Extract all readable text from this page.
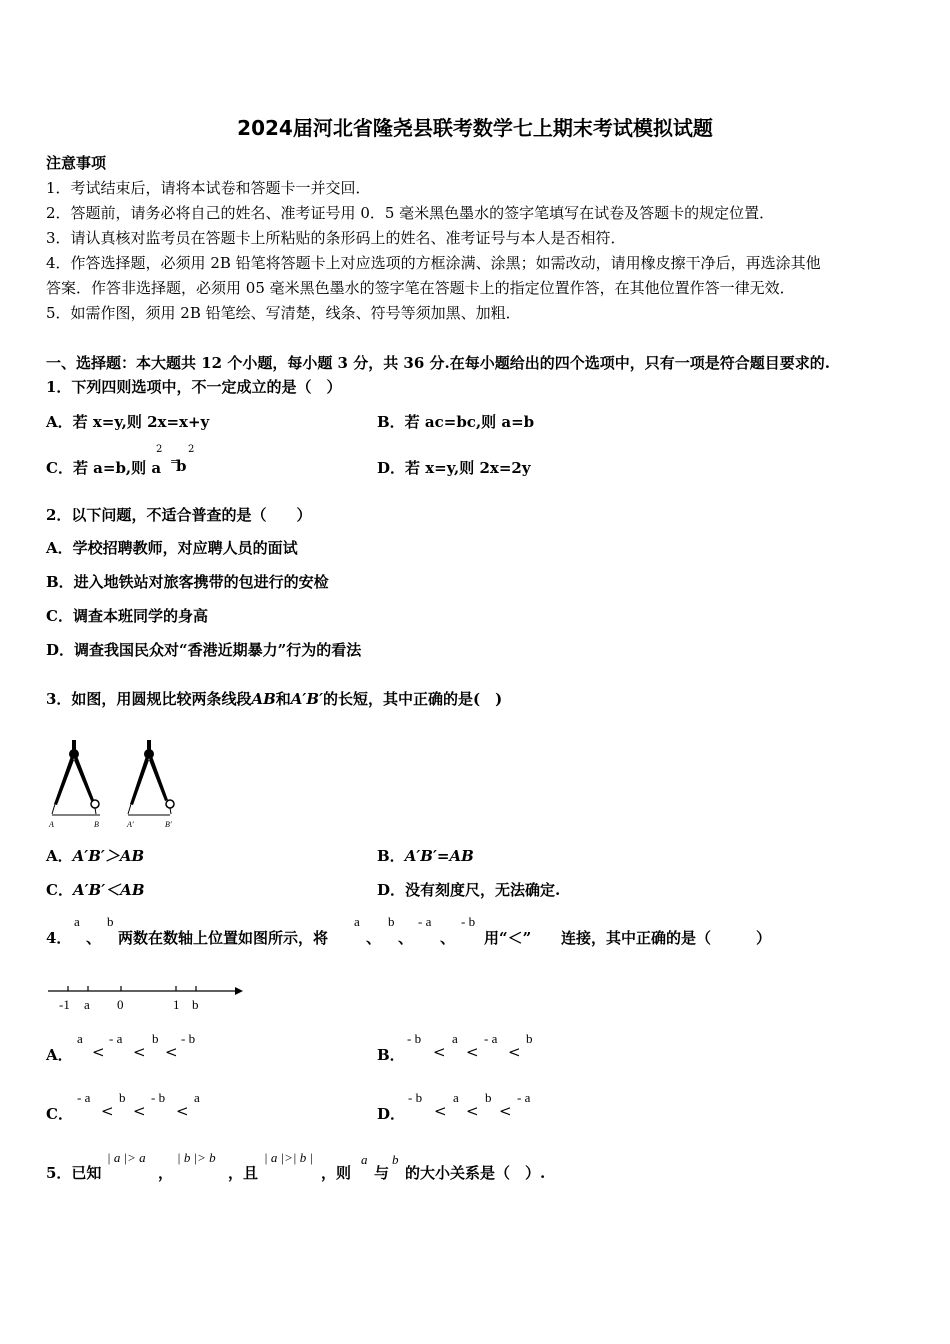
2024届河北省隆尧县联考数学七上期末考试模拟试题
注意事项
1．考试结束后，请将本试卷和答题卡一并交回．
2．答题前，请务必将自己的姓名、准考证号用 0．5 毫米黑色墨水的签字笔填写在试卷及答题卡的规定位置．
3．请认真核对监考员在答题卡上所粘贴的条形码上的姓名、准考证号与本人是否相符．
4．作答选择题，必须用 2B 铅笔将答题卡上对应选项的方框涂满、涂黑；如需改动，请用橡皮擦干净后，再选涂其他
答案．作答非选择题，必须用 05 毫米黑色墨水的签字笔在答题卡上的指定位置作答，在其他位置作答一律无效．
5．如需作图，须用 2B 铅笔绘、写清楚，线条、符号等须加黑、加粗．
一、选择题：本大题共 12 个小题，每小题 3 分，共 36 分.在每小题给出的四个选项中，只有一项是符合题目要求的.
1．下列四则选项中，不一定成立的是（　）
A．若 x=y,则 2x=x+y	B．若 ac=bc,则 a=b
C．若 a=b,则 a
2
=
b
2
D．若 x=y,则 2x=2y
2．以下问题，不适合普查的是（　　）
A．学校招聘教师，对应聘人员的面试
B．进入地铁站对旅客携带的包进行的安检
C．调查本班同学的身高
D．调查我国民众对“香港近期暴力”行为的看法
3．如图，用圆规比较两条线段AB和A′B′的长短，其中正确的是(　)
A	B	A′	B′
A．A′B′＞AB	B．A′B′=AB
C．A′B′＜AB	D．没有刻度尺，无法确定.
4．
a
、
b
两数在数轴上位置如图所示，将
a
、
b
、
- a
、
- b
用“＜” 连接，其中正确的是（　　　）
-1 a 0	1 b
A．
a
<
- a
<
b
<
- b
B．
- b
<
a
<
- a
<
b
C．
- a
<
b
<
- b
<
a
D．
- b
<
a
<
b
<
- a
5．已知
| a |> a
，
| b |> b
，且
| a |>| b |
，则
a
与
b
的大小关系是（　）.
